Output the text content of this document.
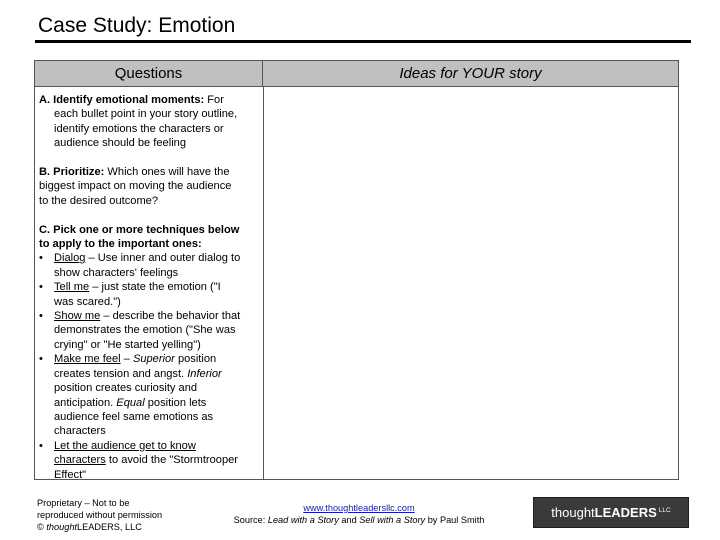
Case Study: Emotion
Questions	Ideas for YOUR story
A. Identify emotional moments: For
each bullet point in your story outline,
identify emotions the characters or
audience should be feeling
B. Prioritize: Which ones will have the
biggest impact on moving the audience
to the desired outcome?
C. Pick one or more techniques below
to apply to the important ones:
• Dialog – Use inner and outer dialog to
show characters' feelings
• Tell me – just state the emotion ("I
was scared.")
• Show me – describe the behavior that
demonstrates the emotion ("She was
crying" or "He started yelling")
• Make me feel – Superior position
creates tension and angst. Inferior
position creates curiosity and
anticipation. Equal position lets
audience feel same emotions as
characters
• Let the audience get to know
characters to avoid the "Stormtrooper
Effect"
Proprietary – Not to be
reproduced without permission
© thoughtLEADERS, LLC
www.thoughtleadersllc.com
Source: Lead with a Story and Sell with a Story by Paul Smith
thought LEADERS LLC
